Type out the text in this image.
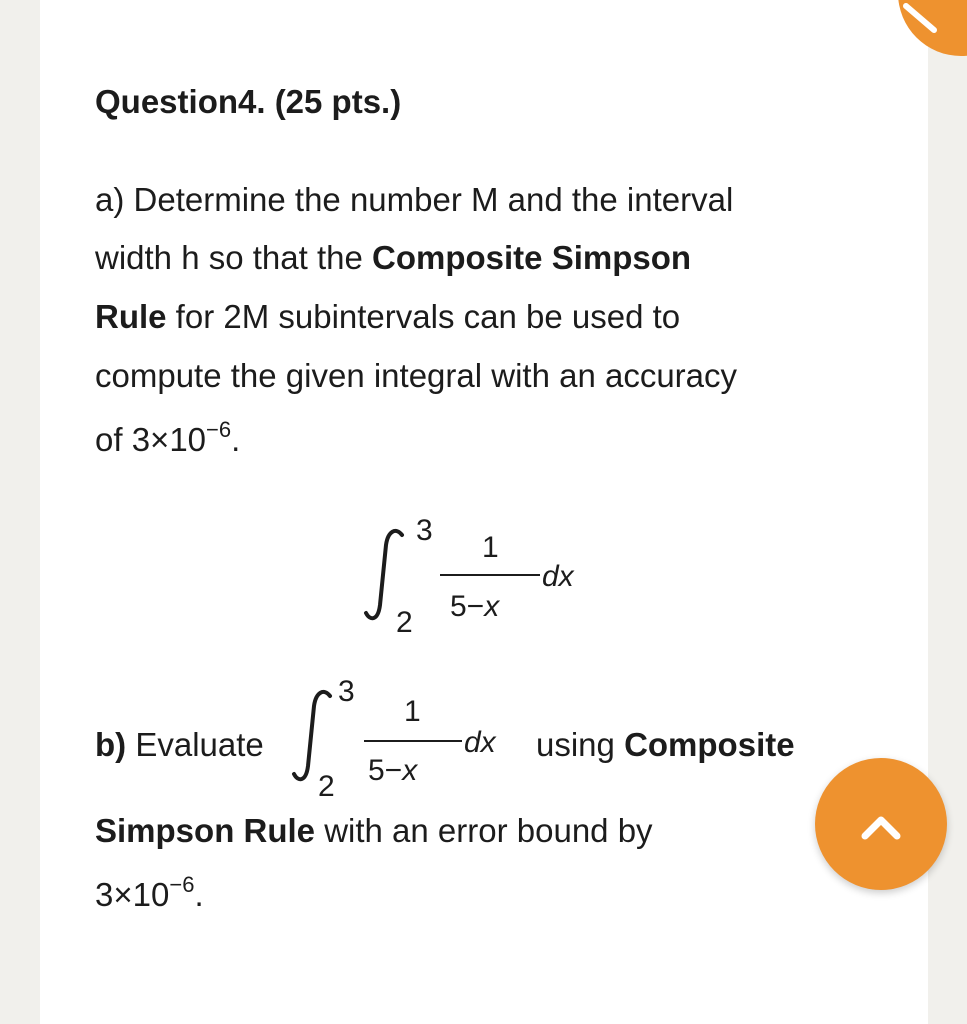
Question4. (25 pts.)
a) Determine the number M and the interval
width h so that the Composite Simpson
Rule for 2M subintervals can be used to
compute the given integral with an accuracy
of $3\times 10^{-6}$.
3
2
1
5−x
dx
b) Evaluate
3
2
1
5−x
dx using Composite
Simpson Rule with an error bound by
$3\times 10^{-6}$.
